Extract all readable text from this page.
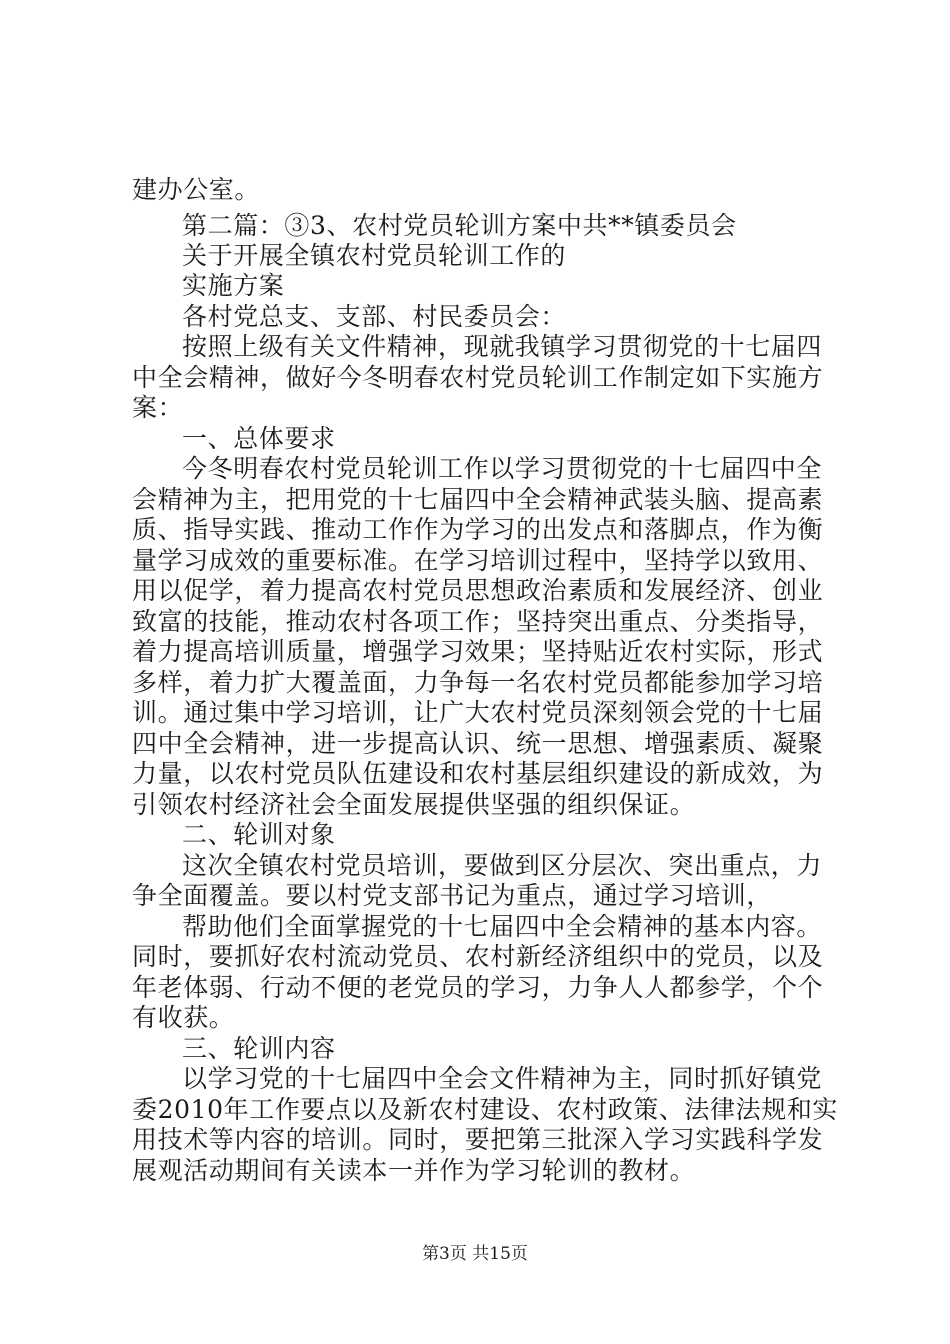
建办公室。
第二篇：③3、农村党员轮训方案中共**镇委员会
关于开展全镇农村党员轮训工作的
实施方案
各村党总支、支部、村民委员会：
按照上级有关文件精神，现就我镇学习贯彻党的十七届四
中全会精神，做好今冬明春农村党员轮训工作制定如下实施方
案：
一、总体要求
今冬明春农村党员轮训工作以学习贯彻党的十七届四中全
会精神为主，把用党的十七届四中全会精神武装头脑、提高素
质、指导实践、推动工作作为学习的出发点和落脚点，作为衡
量学习成效的重要标准。在学习培训过程中，坚持学以致用、
用以促学，着力提高农村党员思想政治素质和发展经济、创业
致富的技能，推动农村各项工作；坚持突出重点、分类指导，
着力提高培训质量，增强学习效果；坚持贴近农村实际，形式
多样，着力扩大覆盖面，力争每一名农村党员都能参加学习培
训。通过集中学习培训，让广大农村党员深刻领会党的十七届
四中全会精神，进一步提高认识、统一思想、增强素质、凝聚
力量，以农村党员队伍建设和农村基层组织建设的新成效，为
引领农村经济社会全面发展提供坚强的组织保证。
二、轮训对象
这次全镇农村党员培训，要做到区分层次、突出重点，力
争全面覆盖。要以村党支部书记为重点，通过学习培训，
帮助他们全面掌握党的十七届四中全会精神的基本内容。
同时，要抓好农村流动党员、农村新经济组织中的党员，以及
年老体弱、行动不便的老党员的学习，力争人人都参学，个个
有收获。
三、轮训内容
以学习党的十七届四中全会文件精神为主，同时抓好镇党
委2010年工作要点以及新农村建设、农村政策、法律法规和实
用技术等内容的培训。同时，要把第三批深入学习实践科学发
展观活动期间有关读本一并作为学习轮训的教材。
第3页 共15页
